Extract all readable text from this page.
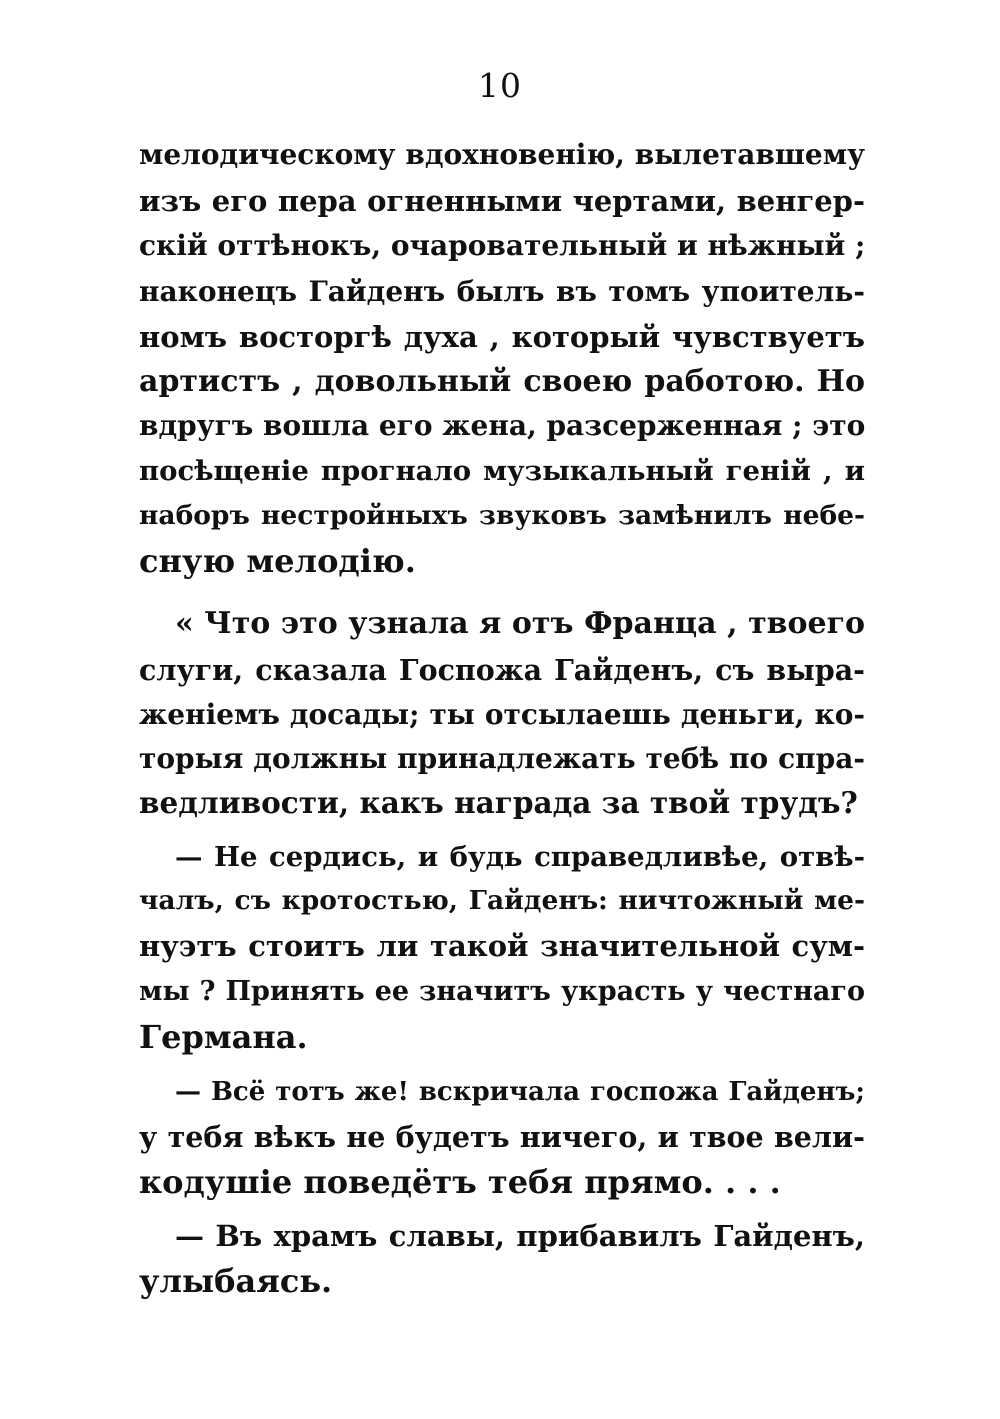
10
мелодическому вдохновенію, вылетавшему
изъ его пера огненными чертами, венгер-
скій оттѣнокъ, очаровательный и нѣжный ;
наконецъ Гайденъ былъ въ томъ упоитель-
номъ восторгѣ духа , который чувствуетъ
артистъ , довольный своею работою. Но
вдругъ вошла его жена, разсерженная ; это
посѣщеніе прогнало музыкальный геній , и
наборъ нестройныхъ звуковъ замѣнилъ небе-
сную мелодію.
« Что это узнала я отъ Франца , твоего
слуги, сказала Госпожа Гайденъ, съ выра-
женіемъ досады; ты отсылаешь деньги, ко-
торыя должны принадлежать тебѣ по спра-
ведливости, какъ награда за твой трудъ?
— Не сердись, и будь справедливѣе, отвѣ-
чалъ, съ кротостью, Гайденъ: ничтожный ме-
нуэтъ стоитъ ли такой значительной сум-
мы ? Принять ее значитъ украсть у честнаго
Германа.
— Всё тотъ же! вскричала госпожа Гайденъ;
у тебя вѣкъ не будетъ ничего, и твое вели-
кодушіе поведётъ тебя прямо. . . .
— Въ храмъ славы, прибавилъ Гайденъ,
улыбаясь.
